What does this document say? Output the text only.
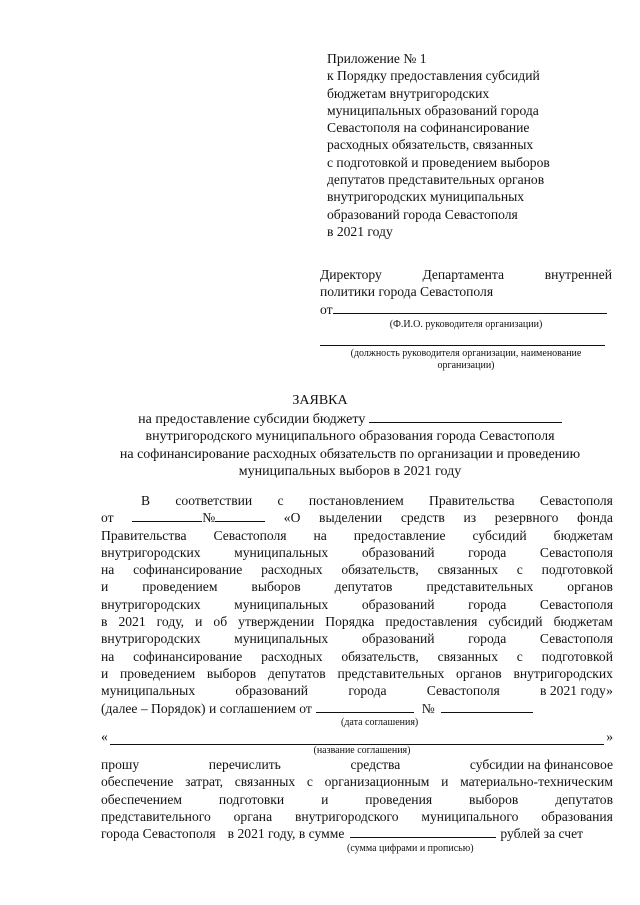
Приложение № 1
к Порядку предоставления субсидий
бюджетам внутригородских
муниципальных образований города
Севастополя на софинансирование
расходных обязательств, связанных
с подготовкой и проведением выборов
депутатов представительных органов
внутригородских муниципальных
образований города Севастополя
в 2021 году
Директору	Департамента	внутренней
политики города Севастополя
от
(Ф.И.О. руководителя организации)
(должность руководителя организации, наименование организации)
ЗАЯВКА
на предоставление субсидии бюджету
внутригородского муниципального образования города Севастополя
на софинансирование расходных обязательств по организации и проведению
муниципальных выборов в 2021 году
В соответствии с постановлением Правительства Севастополя
от	№	«О выделении средств из резервного фонда
Правительства Севастополя на предоставление субсидий бюджетам
внутригородских муниципальных образований города Севастополя
на софинансирование расходных обязательств, связанных с подготовкой
и проведением выборов депутатов представительных органов
внутригородских муниципальных образований города Севастополя
в 2021 году, и об утверждении Порядка предоставления субсидий бюджетам
внутригородских муниципальных образований города Севастополя
на софинансирование расходных обязательств, связанных с подготовкой
и проведением выборов депутатов представительных органов внутригородских
муниципальных	образований	города	Севастополя	в 2021 году»
(далее – Порядок) и соглашением от	№
(дата соглашения)
«	»
(название соглашения)
прошу	перечислить	средства	субсидии на финансовое
обеспечение затрат, связанных с организационным и материально-техническим
обеспечением	подготовки	и	проведения	выборов	депутатов
представительного органа внутригородского муниципального образования
города Севастополя в 2021 году, в сумме	рублей за счет
(сумма цифрами и прописью)
